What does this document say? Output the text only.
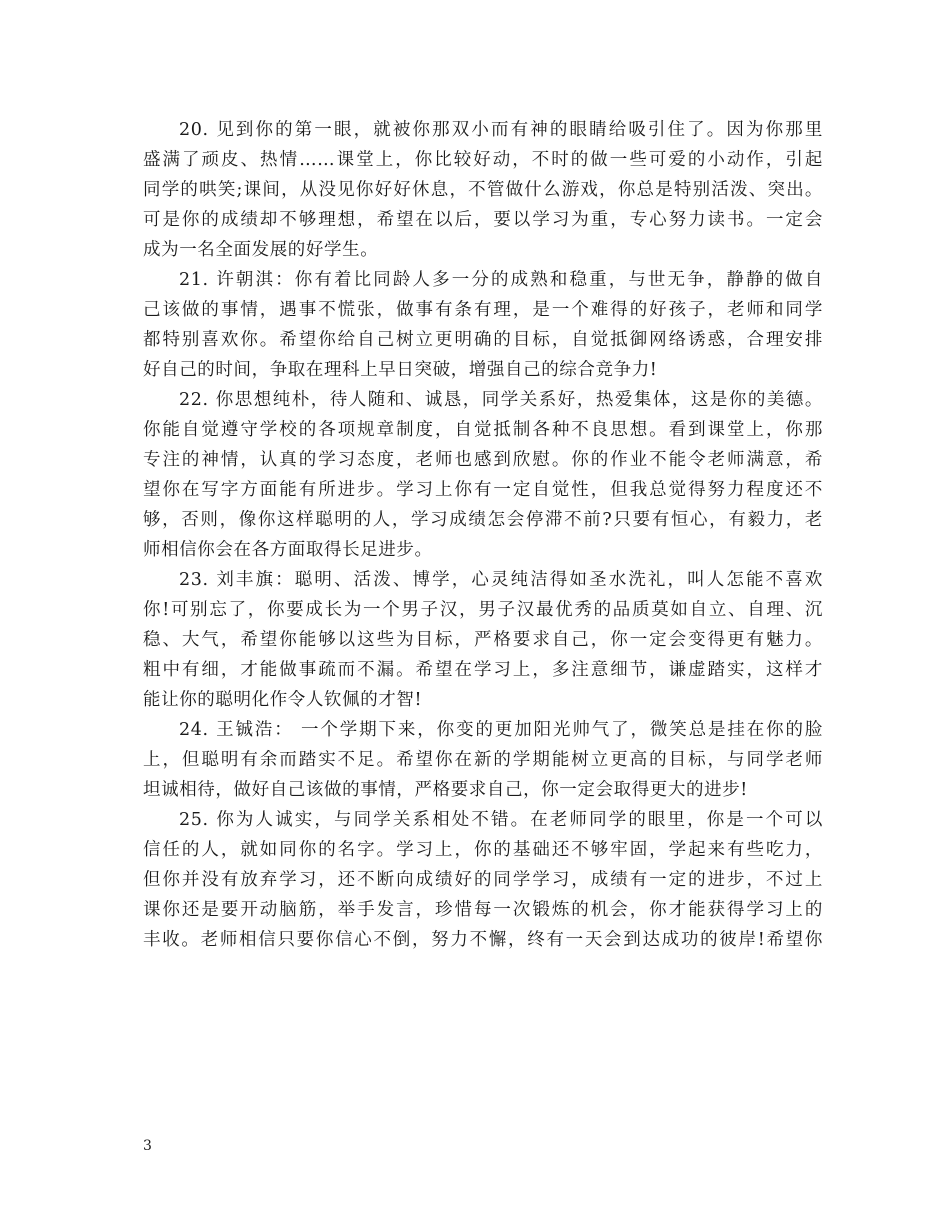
20. 见到你的第一眼，就被你那双小而有神的眼睛给吸引住了。因为你那里
盛满了顽皮、热情……课堂上，你比较好动，不时的做一些可爱的小动作，引起
同学的哄笑;课间，从没见你好好休息，不管做什么游戏，你总是特别活泼、突出。
可是你的成绩却不够理想，希望在以后，要以学习为重，专心努力读书。一定会
成为一名全面发展的好学生。
21. 许朝淇：你有着比同龄人多一分的成熟和稳重，与世无争，静静的做自
己该做的事情，遇事不慌张，做事有条有理，是一个难得的好孩子，老师和同学
都特别喜欢你。希望你给自己树立更明确的目标，自觉抵御网络诱惑，合理安排
好自己的时间，争取在理科上早日突破，增强自己的综合竞争力!
22. 你思想纯朴，待人随和、诚恳，同学关系好，热爱集体，这是你的美德。
你能自觉遵守学校的各项规章制度，自觉抵制各种不良思想。看到课堂上，你那
专注的神情，认真的学习态度，老师也感到欣慰。你的作业不能令老师满意，希
望你在写字方面能有所进步。学习上你有一定自觉性，但我总觉得努力程度还不
够，否则，像你这样聪明的人，学习成绩怎会停滞不前?只要有恒心，有毅力，老
师相信你会在各方面取得长足进步。
23. 刘丰旗：聪明、活泼、博学，心灵纯洁得如圣水洗礼，叫人怎能不喜欢
你!可别忘了，你要成长为一个男子汉，男子汉最优秀的品质莫如自立、自理、沉
稳、大气，希望你能够以这些为目标，严格要求自己，你一定会变得更有魅力。
粗中有细，才能做事疏而不漏。希望在学习上，多注意细节，谦虚踏实，这样才
能让你的聪明化作令人钦佩的才智!
24. 王铖浩： 一个学期下来，你变的更加阳光帅气了，微笑总是挂在你的脸
上，但聪明有余而踏实不足。希望你在新的学期能树立更高的目标，与同学老师
坦诚相待，做好自己该做的事情，严格要求自己，你一定会取得更大的进步!
25. 你为人诚实，与同学关系相处不错。在老师同学的眼里，你是一个可以
信任的人，就如同你的名字。学习上，你的基础还不够牢固，学起来有些吃力，
但你并没有放弃学习，还不断向成绩好的同学学习，成绩有一定的进步，不过上
课你还是要开动脑筋，举手发言，珍惜每一次锻炼的机会，你才能获得学习上的
丰收。老师相信只要你信心不倒，努力不懈，终有一天会到达成功的彼岸!希望你
3
